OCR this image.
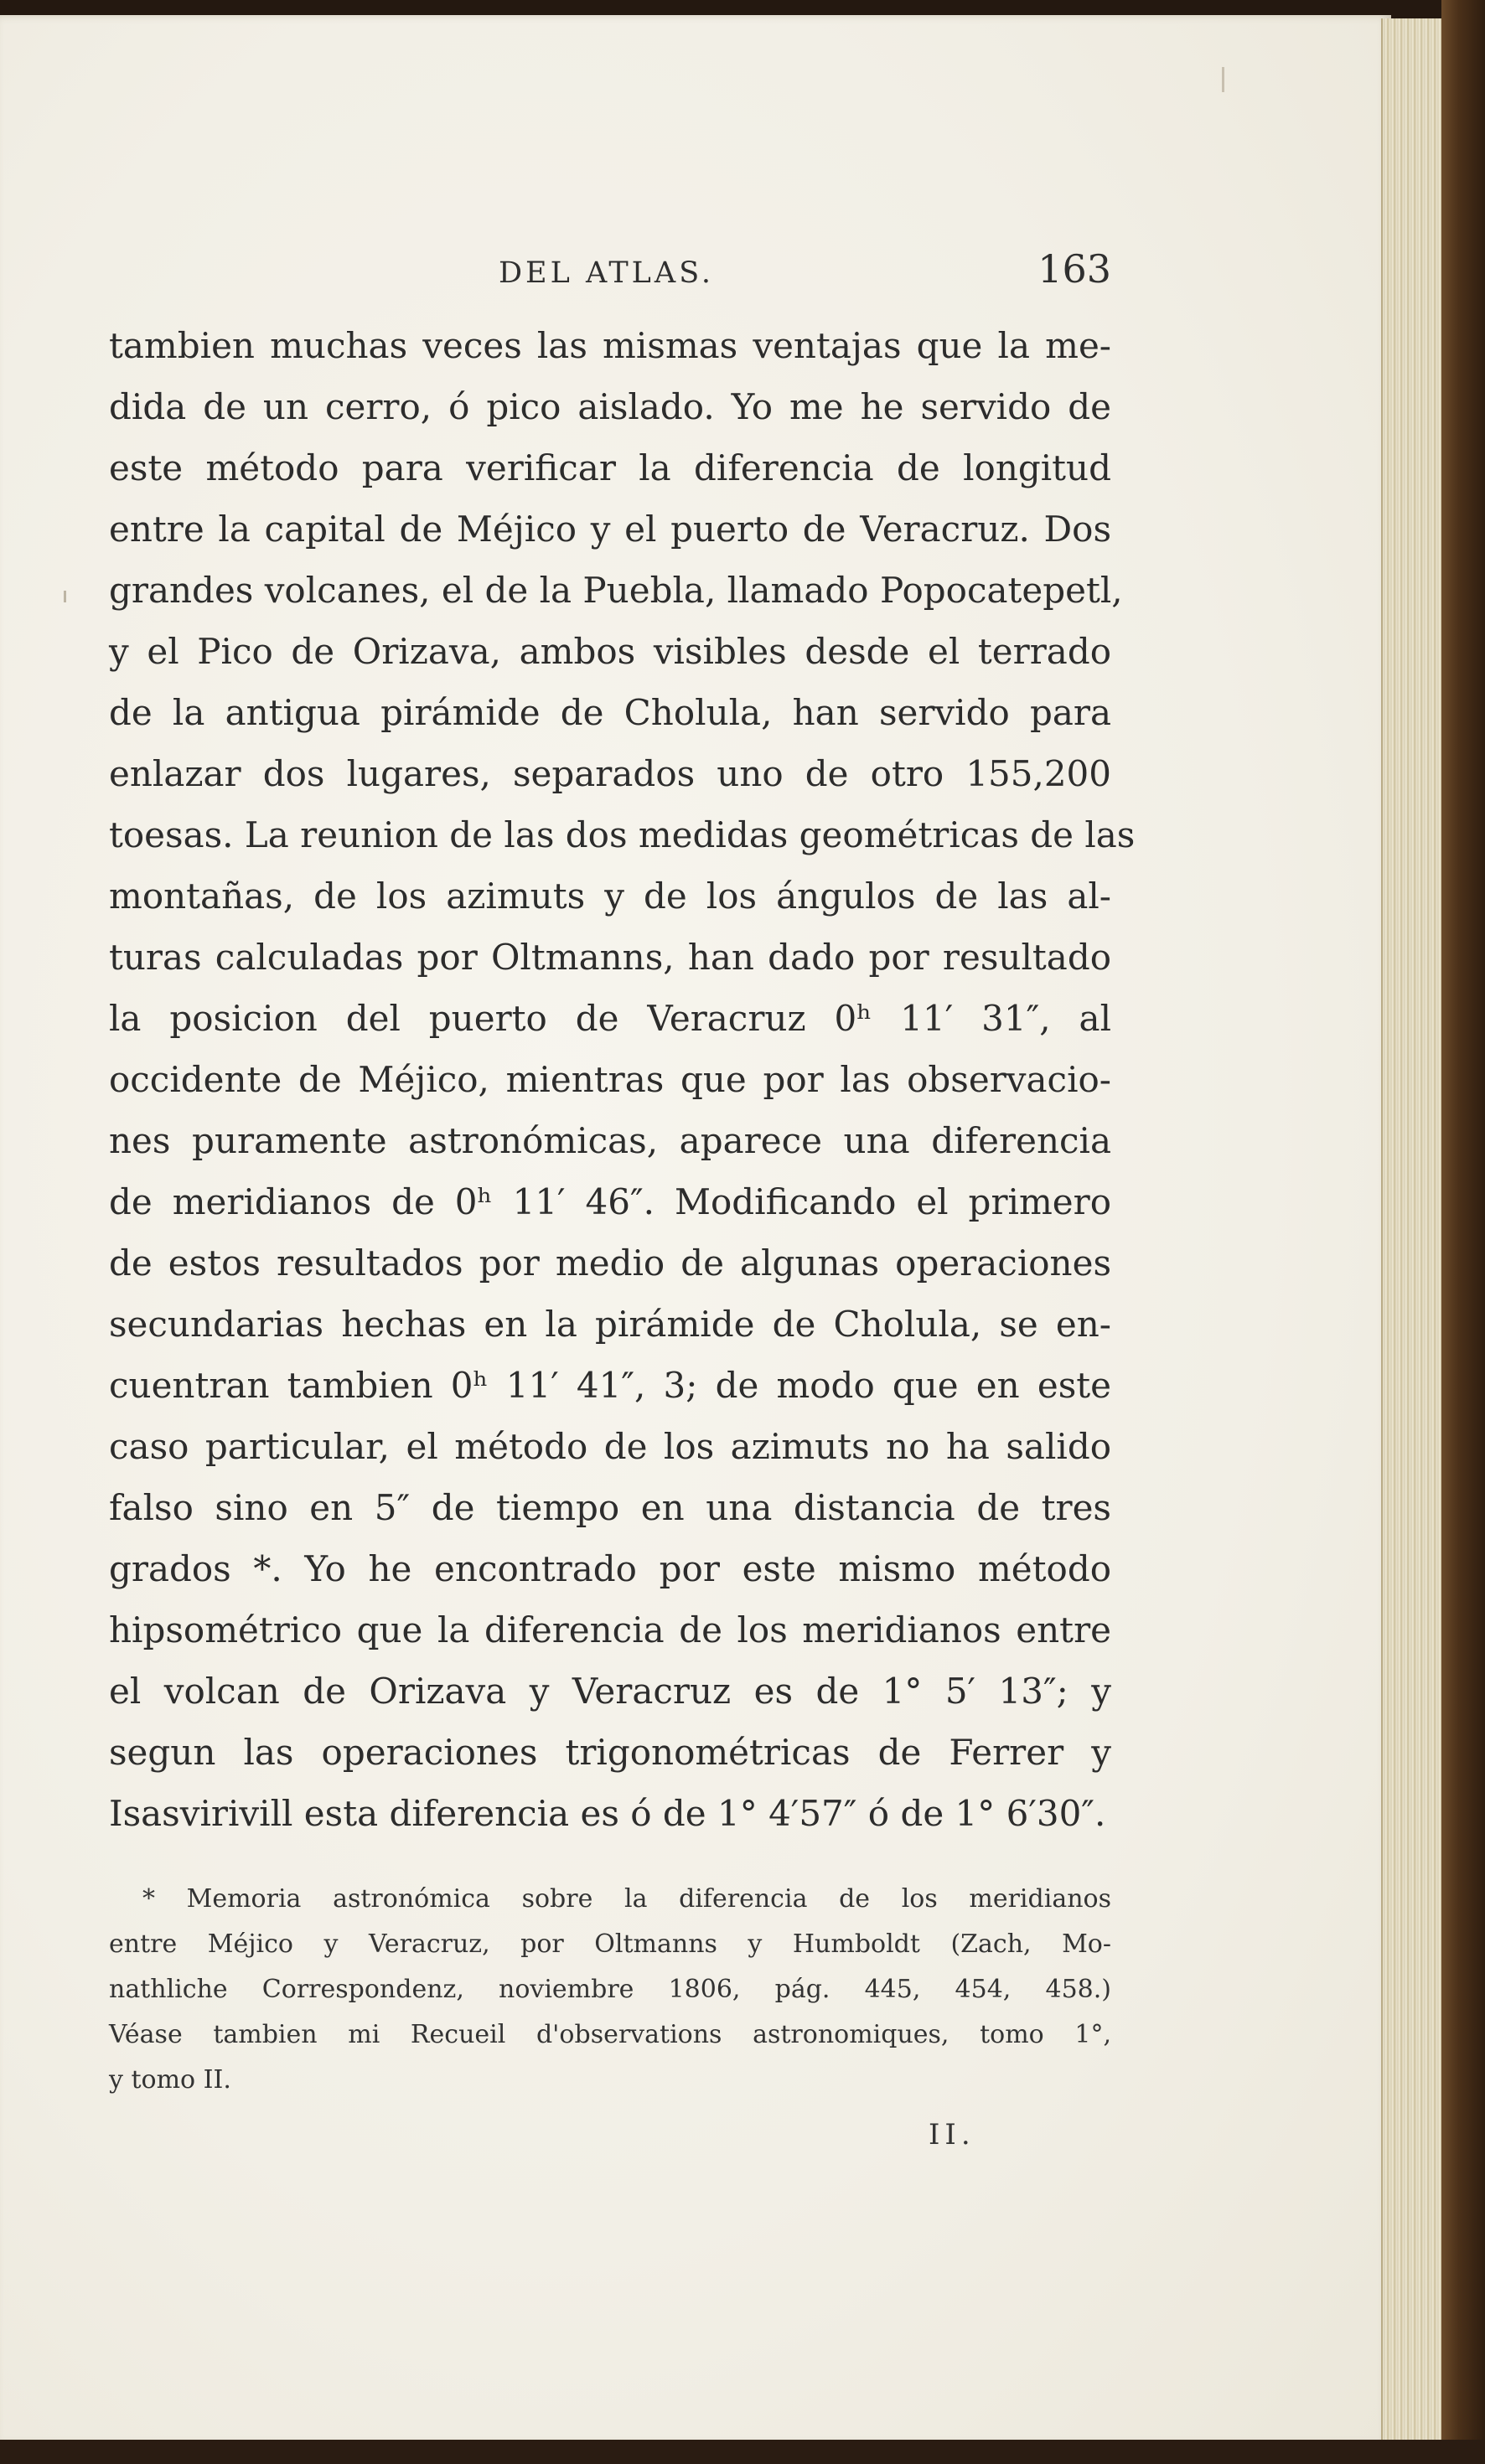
DEL ATLAS.	163
tambien muchas veces las mismas ventajas que la me-
dida de un cerro, ó pico aislado. Yo me he servido de
este método para verificar la diferencia de longitud
entre la capital de Méjico y el puerto de Veracruz. Dos
grandes volcanes, el de la Puebla, llamado Popocatepetl,
y el Pico de Orizava, ambos visibles desde el terrado
de la antigua pirámide de Cholula, han servido para
enlazar dos lugares, separados uno de otro 155,200
toesas. La reunion de las dos medidas geométricas de las
montañas, de los azimuts y de los ángulos de las al-
turas calculadas por Oltmanns, han dado por resultado
la posicion del puerto de Veracruz 0ʰ 11′ 31″, al
occidente de Méjico, mientras que por las observacio-
nes puramente astronómicas, aparece una diferencia
de meridianos de 0ʰ 11′ 46″. Modificando el primero
de estos resultados por medio de algunas operaciones
secundarias hechas en la pirámide de Cholula, se en-
cuentran tambien 0ʰ 11′ 41″, 3; de modo que en este
caso particular, el método de los azimuts no ha salido
falso sino en 5″ de tiempo en una distancia de tres
grados *. Yo he encontrado por este mismo método
hipsométrico que la diferencia de los meridianos entre
el volcan de Orizava y Veracruz es de 1° 5′ 13″; y
segun las operaciones trigonométricas de Ferrer y
Isasvirivill esta diferencia es ó de 1° 4′57″ ó de 1° 6′30″.
* Memoria astronómica sobre la diferencia de los meridianos
entre Méjico y Veracruz, por Oltmanns y Humboldt (Zach, Mo-
nathliche Correspondenz, noviembre 1806, pág. 445, 454, 458.)
Véase tambien mi Recueil d'observations astronomiques, tomo 1°,
y tomo II.
II.
